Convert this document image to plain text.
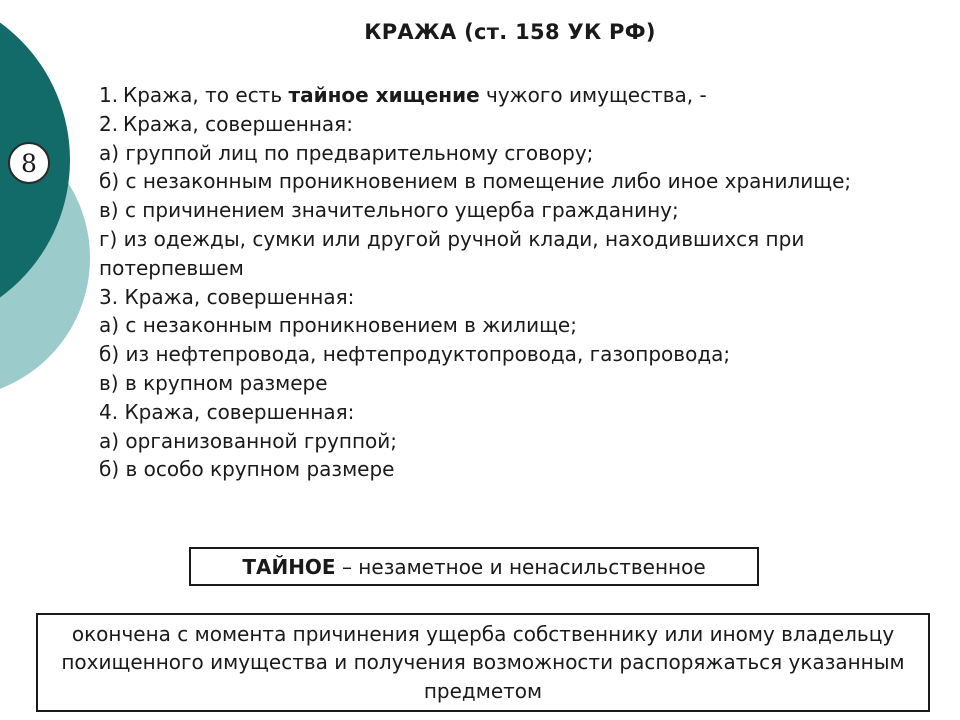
8
КРАЖА (ст. 158 УК РФ)
1. Кража, то есть тайное хищение чужого имущества, -
2. Кража, совершенная:
а) группой лиц по предварительному сговору;
б) с незаконным проникновением в помещение либо иное хранилище;
в) с причинением значительного ущерба гражданину;
г) из одежды, сумки или другой ручной клади, находившихся при потерпевшем
3. Кража, совершенная:
а) с незаконным проникновением в жилище;
б) из нефтепровода, нефтепродуктопровода, газопровода;
в) в крупном размере
4. Кража, совершенная:
а) организованной группой;
б) в особо крупном размере
ТАЙНОЕ – незаметное и ненасильственное
окончена с момента причинения ущерба собственнику или иному владельцу похищенного имущества и получения возможности распоряжаться указанным предметом
